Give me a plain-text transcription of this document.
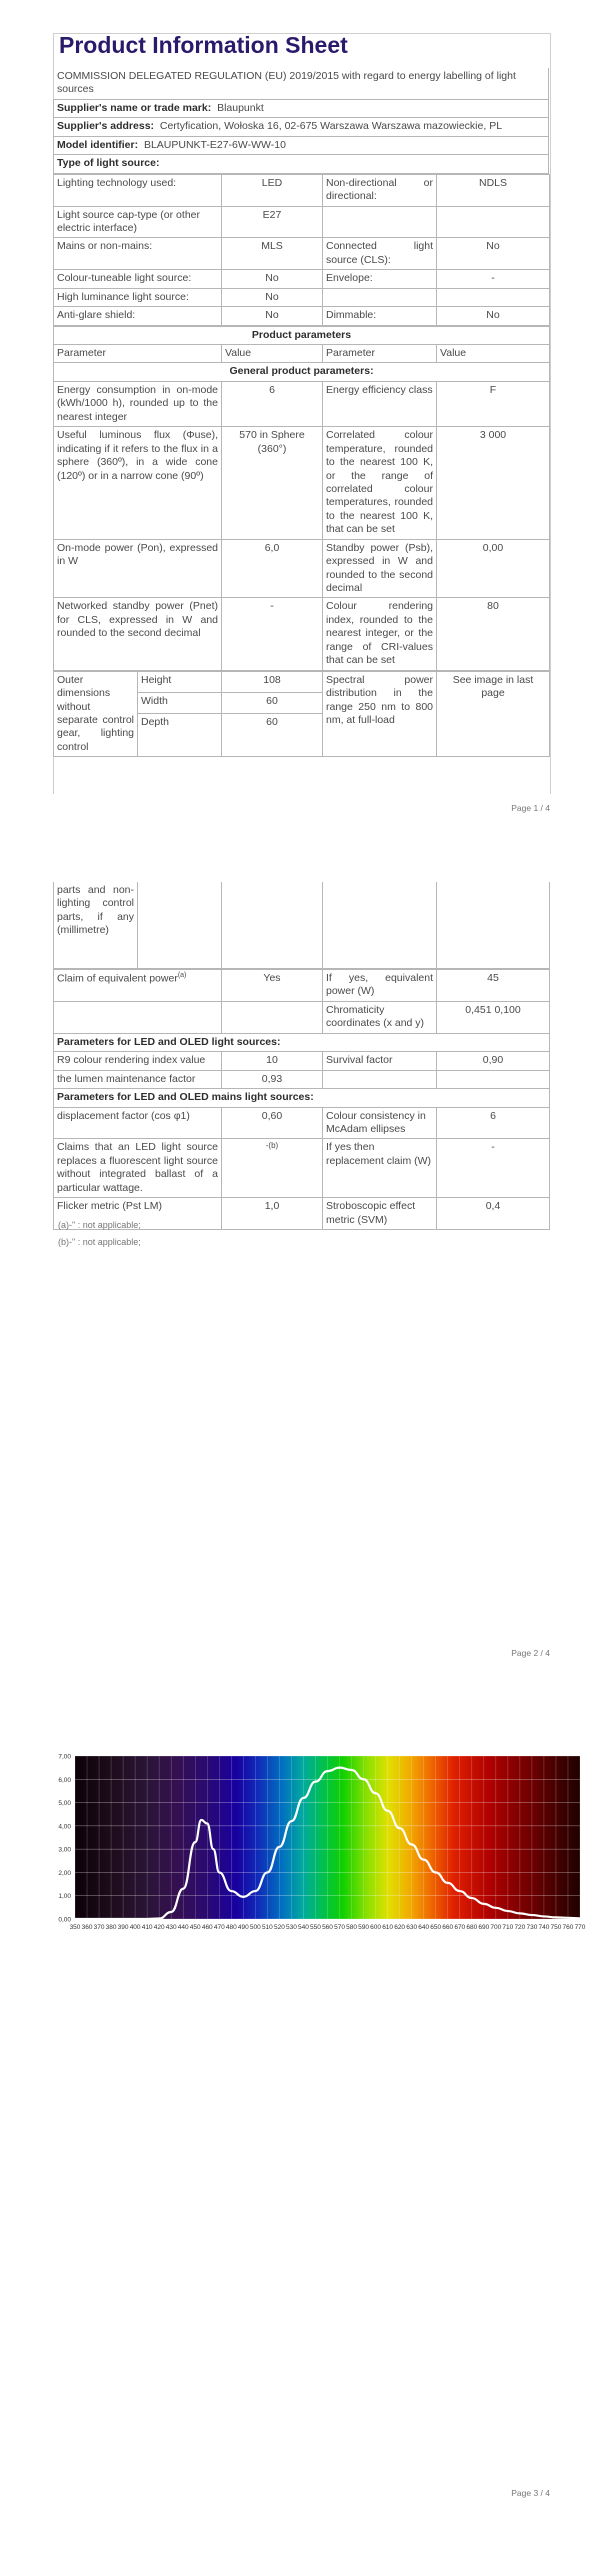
Product Information Sheet
COMMISSION DELEGATED REGULATION (EU) 2019/2015 with regard to energy labelling of light sources
Supplier's name or trade mark: Blaupunkt
Supplier's address: Certyfication, Wołoska 16, 02-675 Warszawa Warszawa mazowieckie, PL
Model identifier: BLAUPUNKT-E27-6W-WW-10
Type of light source:
Lighting technology used:	LED	Non-directional or directional:	NDLS
Light source cap-type (or other electric interface)	E27		
Mains or non-mains:	MLS	Connected light source (CLS):	No
Colour-tuneable light source:	No	Envelope:	-
High luminance light source:	No		
Anti-glare shield:	No	Dimmable:	No
Product parameters			
Parameter	Value	Parameter	Value
General product parameters:			
Energy consumption in on-mode (kWh/1000 h), rounded up to the nearest integer	6	Energy efficiency class	F
Useful luminous flux (Φuse), indicating if it refers to the flux in a sphere (360º), in a wide cone (120º) or in a narrow cone (90º)	570 in Sphere (360°)	Correlated colour temperature, rounded to the nearest 100 K, or the range of correlated colour temperatures, rounded to the nearest 100 K, that can be set	3 000
On-mode power (Pon), expressed in W	6,0	Standby power (Psb), expressed in W and rounded to the second decimal	0,00
Networked standby power (Pnet) for CLS, expressed in W and rounded to the second decimal	-	Colour rendering index, rounded to the nearest integer, or the range of CRI-values that can be set	80
Outer dimensions without separate control gear, lighting control	Height	108	Spectral power distribution in the range 250 nm to 800 nm, at full-load	See image in last page
	Width	60		
	Depth	60		
Page 1 / 4
parts and non-lighting control parts, if any (millimetre)				
Claim of equivalent power$^{(a)}$	Yes	If yes, equivalent power (W)	45
		Chromaticity coordinates (x and y)	0,451 0,100
Parameters for LED and OLED light sources:			
R9 colour rendering index value	10	Survival factor	0,90
the lumen maintenance factor	0,93		
Parameters for LED and OLED mains light sources:			
displacement factor (cos φ1)	0,60	Colour consistency in McAdam ellipses	6
Claims that an LED light source replaces a fluorescent light source without integrated ballast of a particular wattage.	-(b)	If yes then replacement claim (W)	-
Flicker metric (Pst LM)	1,0	Stroboscopic effect metric (SVM)	0,4
(a)-" : not applicable;
(b)-" : not applicable;
Page 2 / 4
0,00
1,00
2,00
3,00
4,00
5,00
6,00
7,00
350 360 370 380 390 400 410 420 430 440 450 460 470 480 490 500 510 520 530 540 550 560 570 580 590 600 610 620 630 640 650 660 670 680 690 700 710 720 730 740 750 760 770
Page 3 / 4
